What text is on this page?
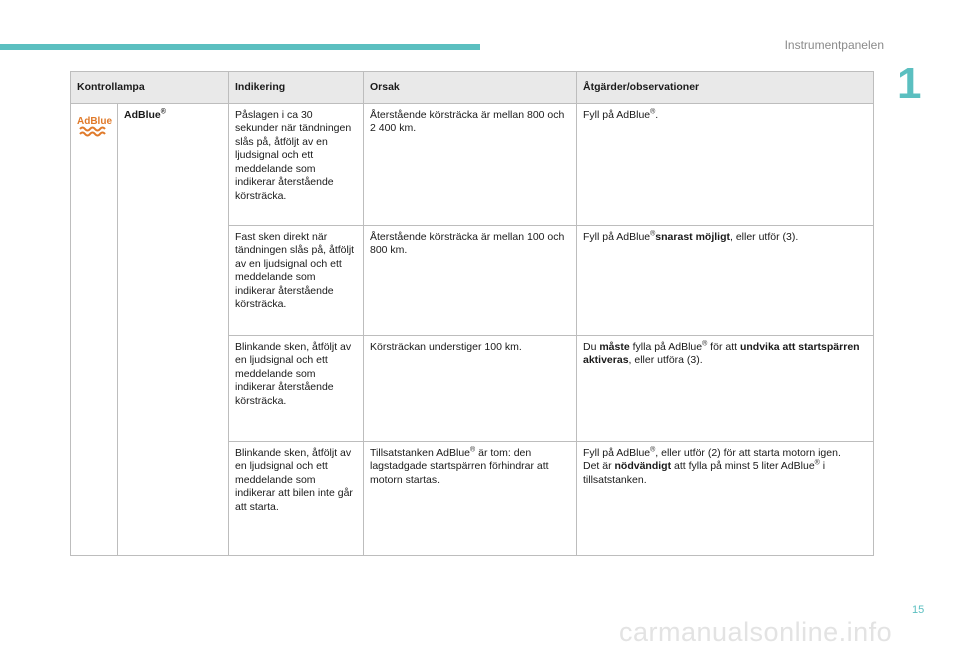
Instrumentpanelen
1
Kontrollampa		Indikering	Orsak	Åtgärder/observationer

AdBlue	AdBlue®	Påslagen i ca 30 sekunder när tändningen slås på, åtföljt av en ljudsignal och ett meddelande som indikerar återstående körsträcka.	Återstående körsträcka är mellan 800 och 2 400 km.	Fyll på AdBlue®.
		Fast sken direkt när tändningen slås på, åtföljt av en ljudsignal och ett meddelande som indikerar återstående körsträcka.	Återstående körsträcka är mellan 100 och 800 km.	Fyll på AdBlue®snarast möjligt, eller utför (3).
		Blinkande sken, åtföljt av en ljudsignal och ett meddelande som indikerar återstående körsträcka.	Körsträckan understiger 100 km.	Du måste fylla på AdBlue® för att undvika att startspärren aktiveras, eller utföra (3).
		Blinkande sken, åtföljt av en ljudsignal och ett meddelande som indikerar att bilen inte går att starta.	Tillsatstanken AdBlue® är tom: den lagstadgade startspärren förhindrar att motorn startas.	Fyll på AdBlue®, eller utför (2) för att starta motorn igen.
Det är nödvändigt att fylla på minst 5 liter AdBlue® i tillsatstanken.
15
carmanualsonline.info
